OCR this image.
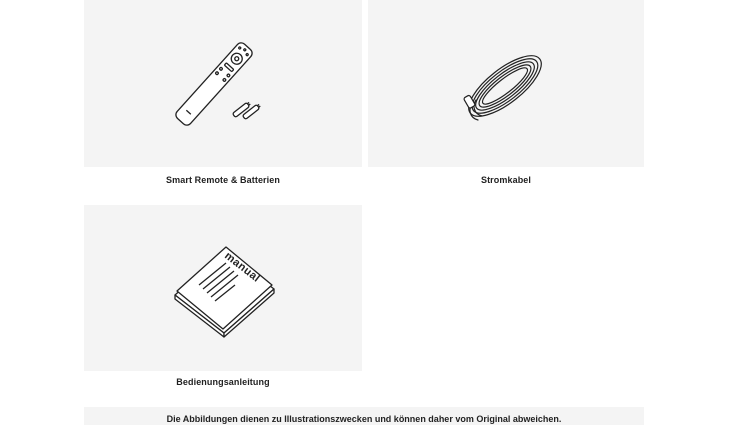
Smart Remote & Batterien	Stromkabel
manual
Bedienungsanleitung
Die Abbildungen dienen zu Illustrationszwecken und können daher vom Original abweichen.
